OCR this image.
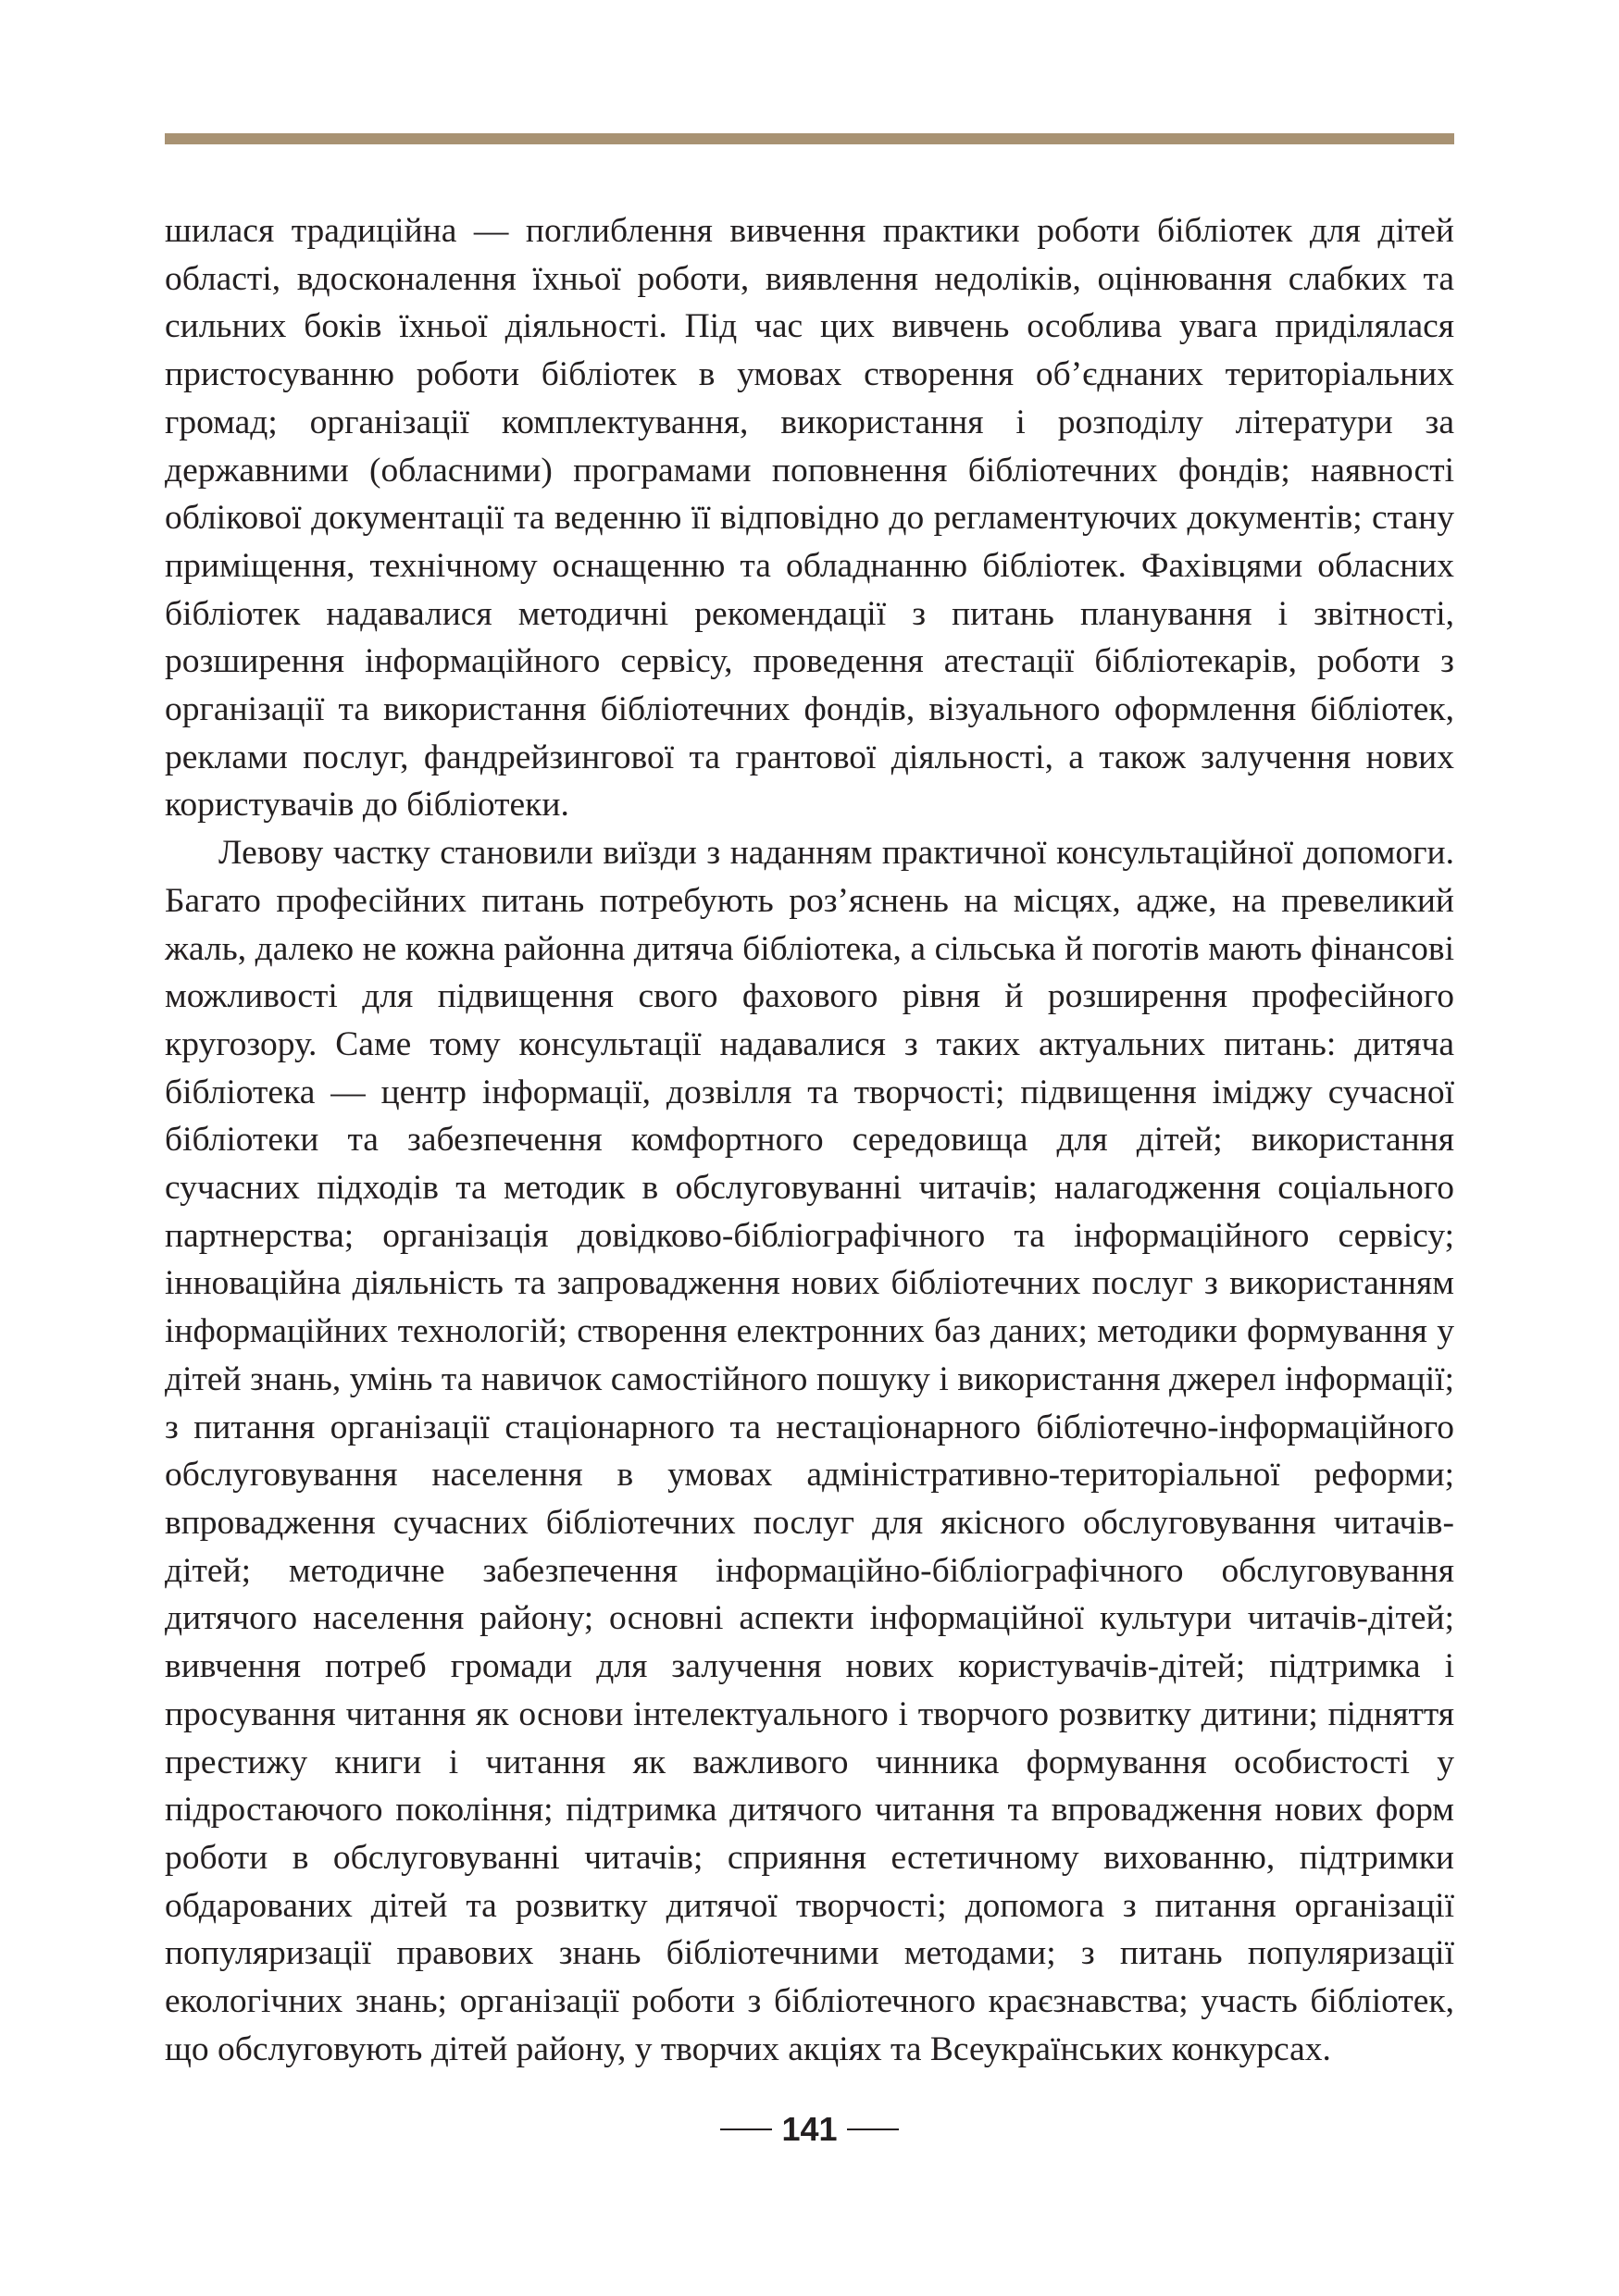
шилася традиційна — поглиблення вивчення практики роботи бібліотек для дітей області, вдосконалення їхньої роботи, виявлення недоліків, оцінювання слабких та сильних боків їхньої діяльності. Під час цих вивчень особлива увага приділялася пристосуванню роботи бібліотек в умовах створення об’єднаних територіальних громад; організації комплектування, використання і розподілу літератури за державними (обласними) програмами поповнення бібліотечних фондів; наявності облікової документації та веденню її відповідно до регламентуючих документів; стану приміщення, технічному оснащенню та обладнанню бібліотек. Фахівцями обласних бібліотек надавалися методичні рекомендації з питань планування і звітності, розширення інформаційного сервісу, проведення атестації бібліотекарів, роботи з організації та використання бібліотечних фондів, візуального оформлення бібліотек, реклами послуг, фандрейзингової та грантової діяльності, а також залучення нових користувачів до бібліотеки.

Левову частку становили виїзди з наданням практичної консультаційної допомоги. Багато професійних питань потребують роз’яснень на місцях, адже, на превеликий жаль, далеко не кожна районна дитяча бібліотека, а сільська й поготів мають фінансові можливості для підвищення свого фахового рівня й розширення професійного кругозору. Саме тому консультації надавалися з таких актуальних питань: дитяча бібліотека — центр інформації, дозвілля та творчості; підвищення іміджу сучасної бібліотеки та забезпечення комфортного середовища для дітей; використання сучасних підходів та методик в обслуговуванні читачів; налагодження соціального партнерства; організація довідково-бібліографічного та інформаційного сервісу; інноваційна діяльність та запровадження нових бібліотечних послуг з використанням інформаційних технологій; створення електронних баз даних; методики формування у дітей знань, умінь та навичок самостійного пошуку і використання джерел інформації; з питання організації стаціонарного та нестаціонарного бібліотечно-інформаційного обслуговування населення в умовах адміністративно-територіальної реформи; впровадження сучасних бібліотечних послуг для якісного обслуговування читачів-дітей; методичне забезпечення інформаційно-бібліографічного обслуговування дитячого населення району; основні аспекти інформаційної культури читачів-дітей; вивчення потреб громади для залучення нових користувачів-дітей; підтримка і просування читання як основи інтелектуального і творчого розвитку дитини; підняття престижу книги і читання як важливого чинника формування особистості у підростаючого покоління; підтримка дитячого читання та впровадження нових форм роботи в обслуговуванні читачів; сприяння естетичному вихованню, підтримки обдарованих дітей та розвитку дитячої творчості; допомога з питання організації популяризації правових знань бібліотечними методами; з питань популяризації екологічних знань; організації роботи з бібліотечного краєзнавства; участь бібліотек, що обслуговують дітей району, у творчих акціях та Всеукраїнських конкурсах.

141
